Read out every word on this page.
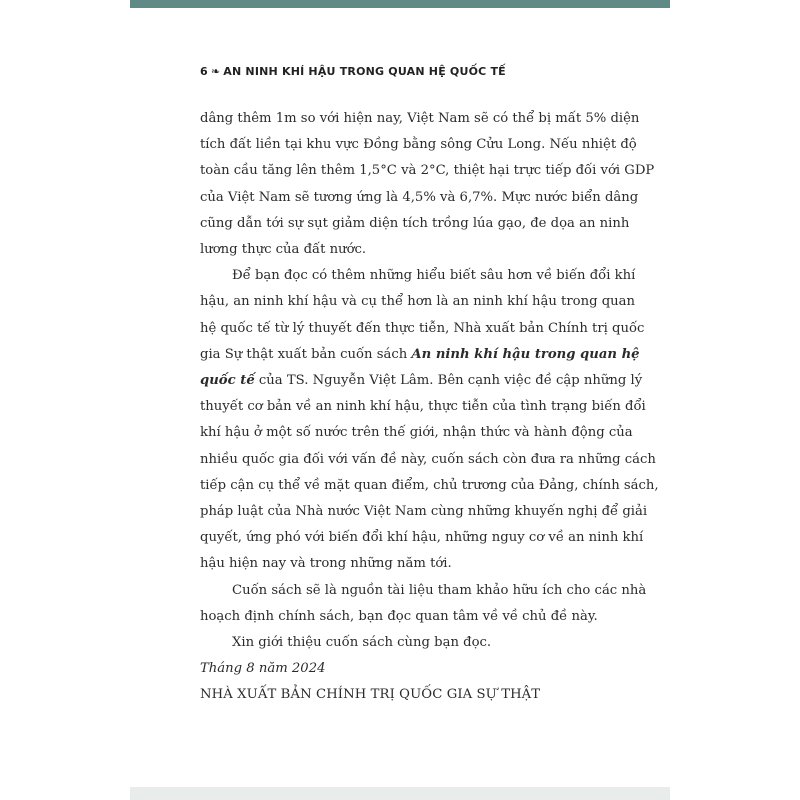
6 ❧ AN NINH KHÍ HẬU TRONG QUAN HỆ QUỐC TẾ

dâng thêm 1m so với hiện nay, Việt Nam sẽ có thể bị mất 5% diện
tích đất liền tại khu vực Đồng bằng sông Cửu Long. Nếu nhiệt độ
toàn cầu tăng lên thêm 1,5°C và 2°C, thiệt hại trực tiếp đối với GDP
của Việt Nam sẽ tương ứng là 4,5% và 6,7%. Mực nước biển dâng
cũng dẫn tới sự sụt giảm diện tích trồng lúa gạo, đe dọa an ninh
lương thực của đất nước.

Để bạn đọc có thêm những hiểu biết sâu hơn về biến đổi khí
hậu, an ninh khí hậu và cụ thể hơn là an ninh khí hậu trong quan
hệ quốc tế từ lý thuyết đến thực tiễn, Nhà xuất bản Chính trị quốc
gia Sự thật xuất bản cuốn sách An ninh khí hậu trong quan hệ
quốc tế của TS. Nguyễn Việt Lâm. Bên cạnh việc đề cập những lý
thuyết cơ bản về an ninh khí hậu, thực tiễn của tình trạng biến đổi
khí hậu ở một số nước trên thế giới, nhận thức và hành động của
nhiều quốc gia đối với vấn đề này, cuốn sách còn đưa ra những cách
tiếp cận cụ thể về mặt quan điểm, chủ trương của Đảng, chính sách,
pháp luật của Nhà nước Việt Nam cùng những khuyến nghị để giải
quyết, ứng phó với biến đổi khí hậu, những nguy cơ về an ninh khí
hậu hiện nay và trong những năm tới.

Cuốn sách sẽ là nguồn tài liệu tham khảo hữu ích cho các nhà
hoạch định chính sách, bạn đọc quan tâm về về chủ đề này.

Xin giới thiệu cuốn sách cùng bạn đọc.

Tháng 8 năm 2024

NHÀ XUẤT BẢN CHÍNH TRỊ QUỐC GIA SỰ THẬT
